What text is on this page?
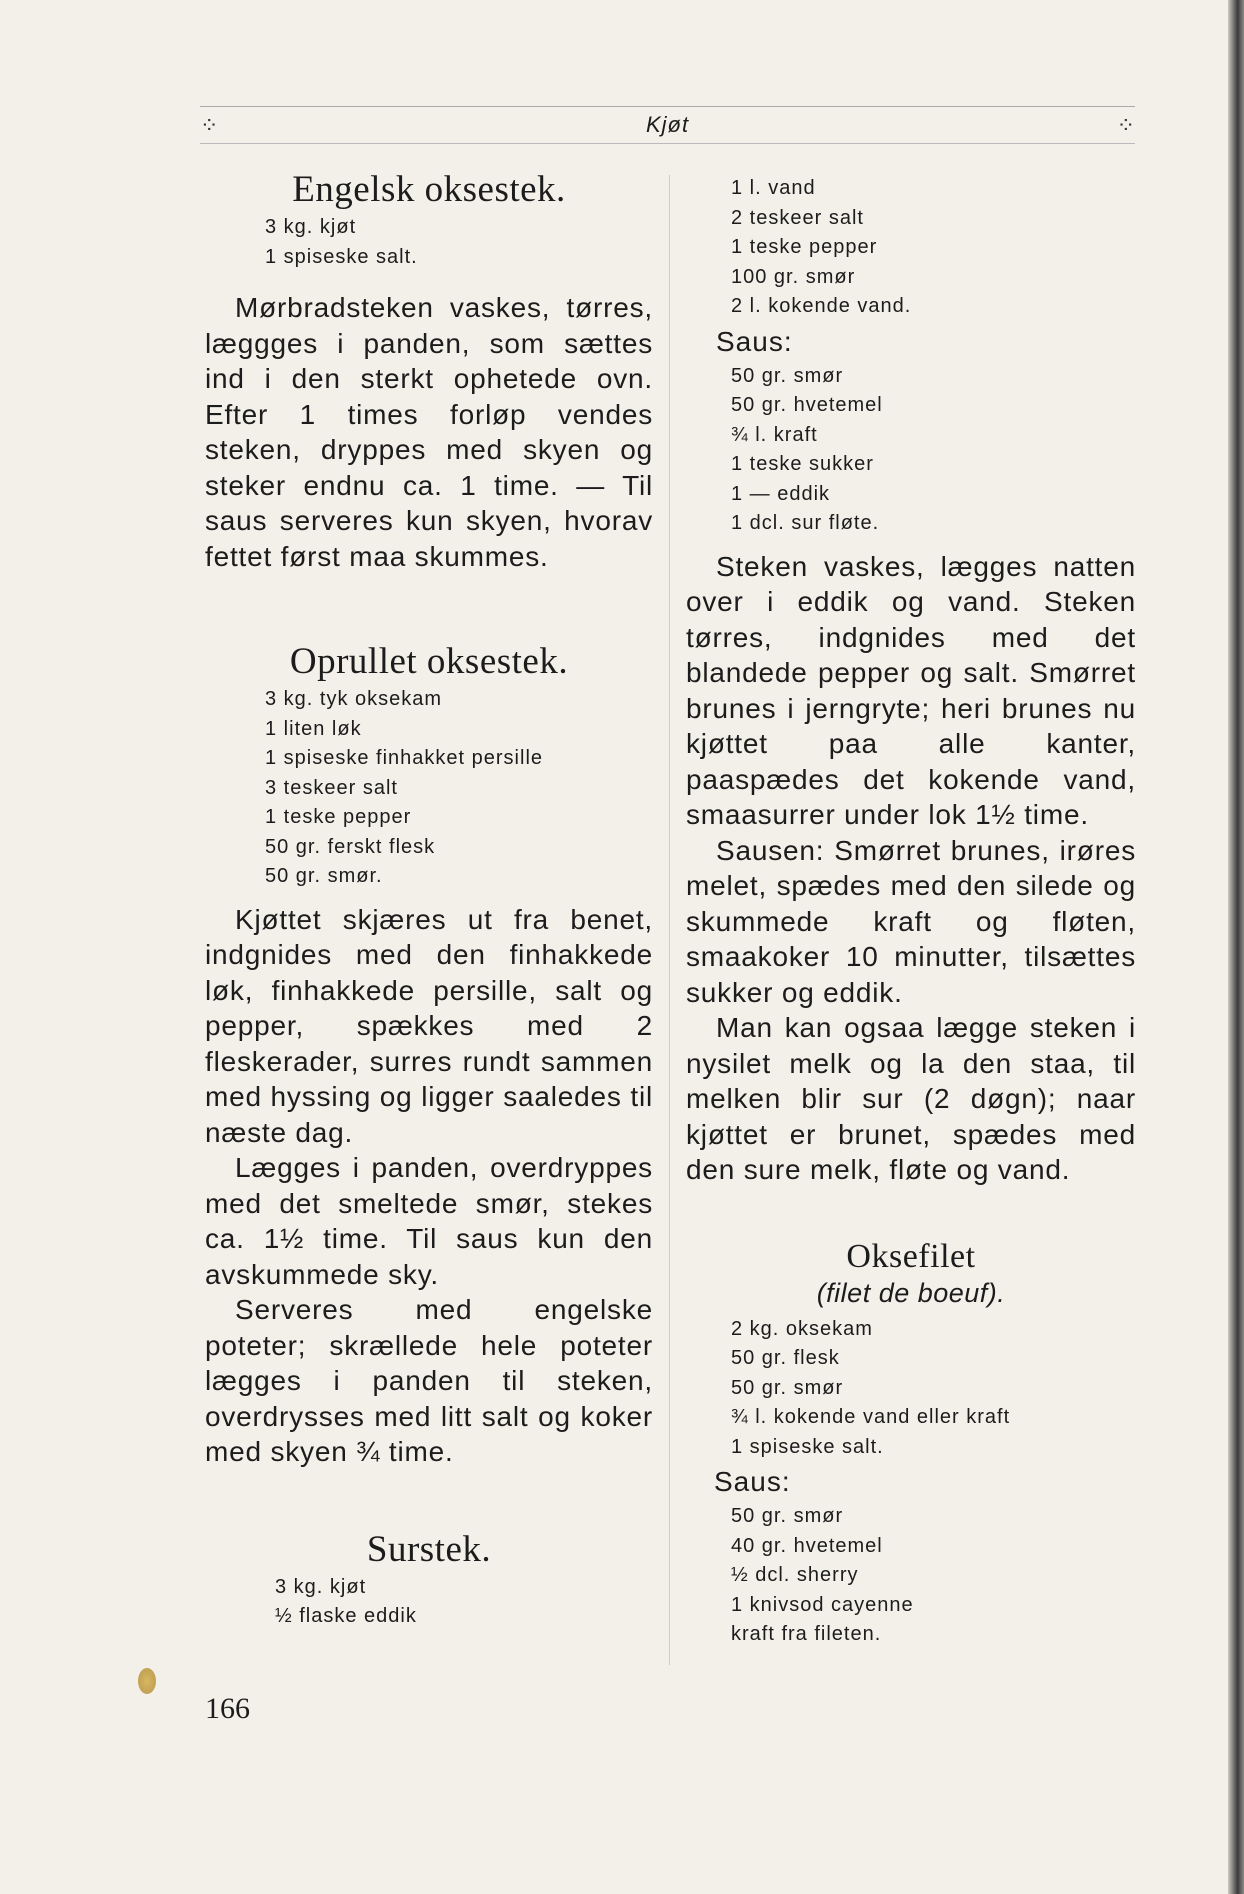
⁘	Kjøt	⁘
Engelsk oksestek.
3 kg. kjøt
1 spiseske salt.

Mørbradsteken vaskes, tørres, læggges i panden, som sættes ind i den sterkt ophetede ovn. Efter 1 times forløp vendes steken, dryppes med skyen og steker endnu ca. 1 time. — Til saus serveres kun skyen, hvorav fettet først maa skummes.

Oprullet oksestek.
3 kg. tyk oksekam
1 liten løk
1 spiseske finhakket persille
3 teskeer salt
1 teske pepper
50 gr. ferskt flesk
50 gr. smør.

Kjøttet skjæres ut fra benet, indgnides med den finhakkede løk, finhakkede persille, salt og pepper, spækkes med 2 fleskerader, surres rundt sammen med hyssing og ligger saaledes til næste dag.

Lægges i panden, overdryppes med det smeltede smør, stekes ca. 1½ time. Til saus kun den avskummede sky.

Serveres med engelske poteter; skrællede hele poteter lægges i panden til steken, overdrysses med litt salt og koker med skyen ¾ time.

Surstek.
3 kg. kjøt
½ flaske eddik
1 l. vand
2 teskeer salt
1 teske pepper
100 gr. smør
2 l. kokende vand.
Saus:
50 gr. smør
50 gr. hvetemel
¾ l. kraft
1 teske sukker
1 — eddik
1 dcl. sur fløte.

Steken vaskes, lægges natten over i eddik og vand. Steken tørres, indgnides med det blandede pepper og salt. Smørret brunes i jerngryte; heri brunes nu kjøttet paa alle kanter, paaspædes det kokende vand, smaasurrer under lok 1½ time.

Sausen: Smørret brunes, irøres melet, spædes med den silede og skummede kraft og fløten, smaakoker 10 minutter, tilsættes sukker og eddik.

Man kan ogsaa lægge steken i nysilet melk og la den staa, til melken blir sur (2 døgn); naar kjøttet er brunet, spædes med den sure melk, fløte og vand.

Oksefilet
(filet de boeuf).
2 kg. oksekam
50 gr. flesk
50 gr. smør
¾ l. kokende vand eller kraft
1 spiseske salt.
Saus:
50 gr. smør
40 gr. hvetemel
½ dcl. sherry
1 knivsod cayenne
kraft fra fileten.
166
